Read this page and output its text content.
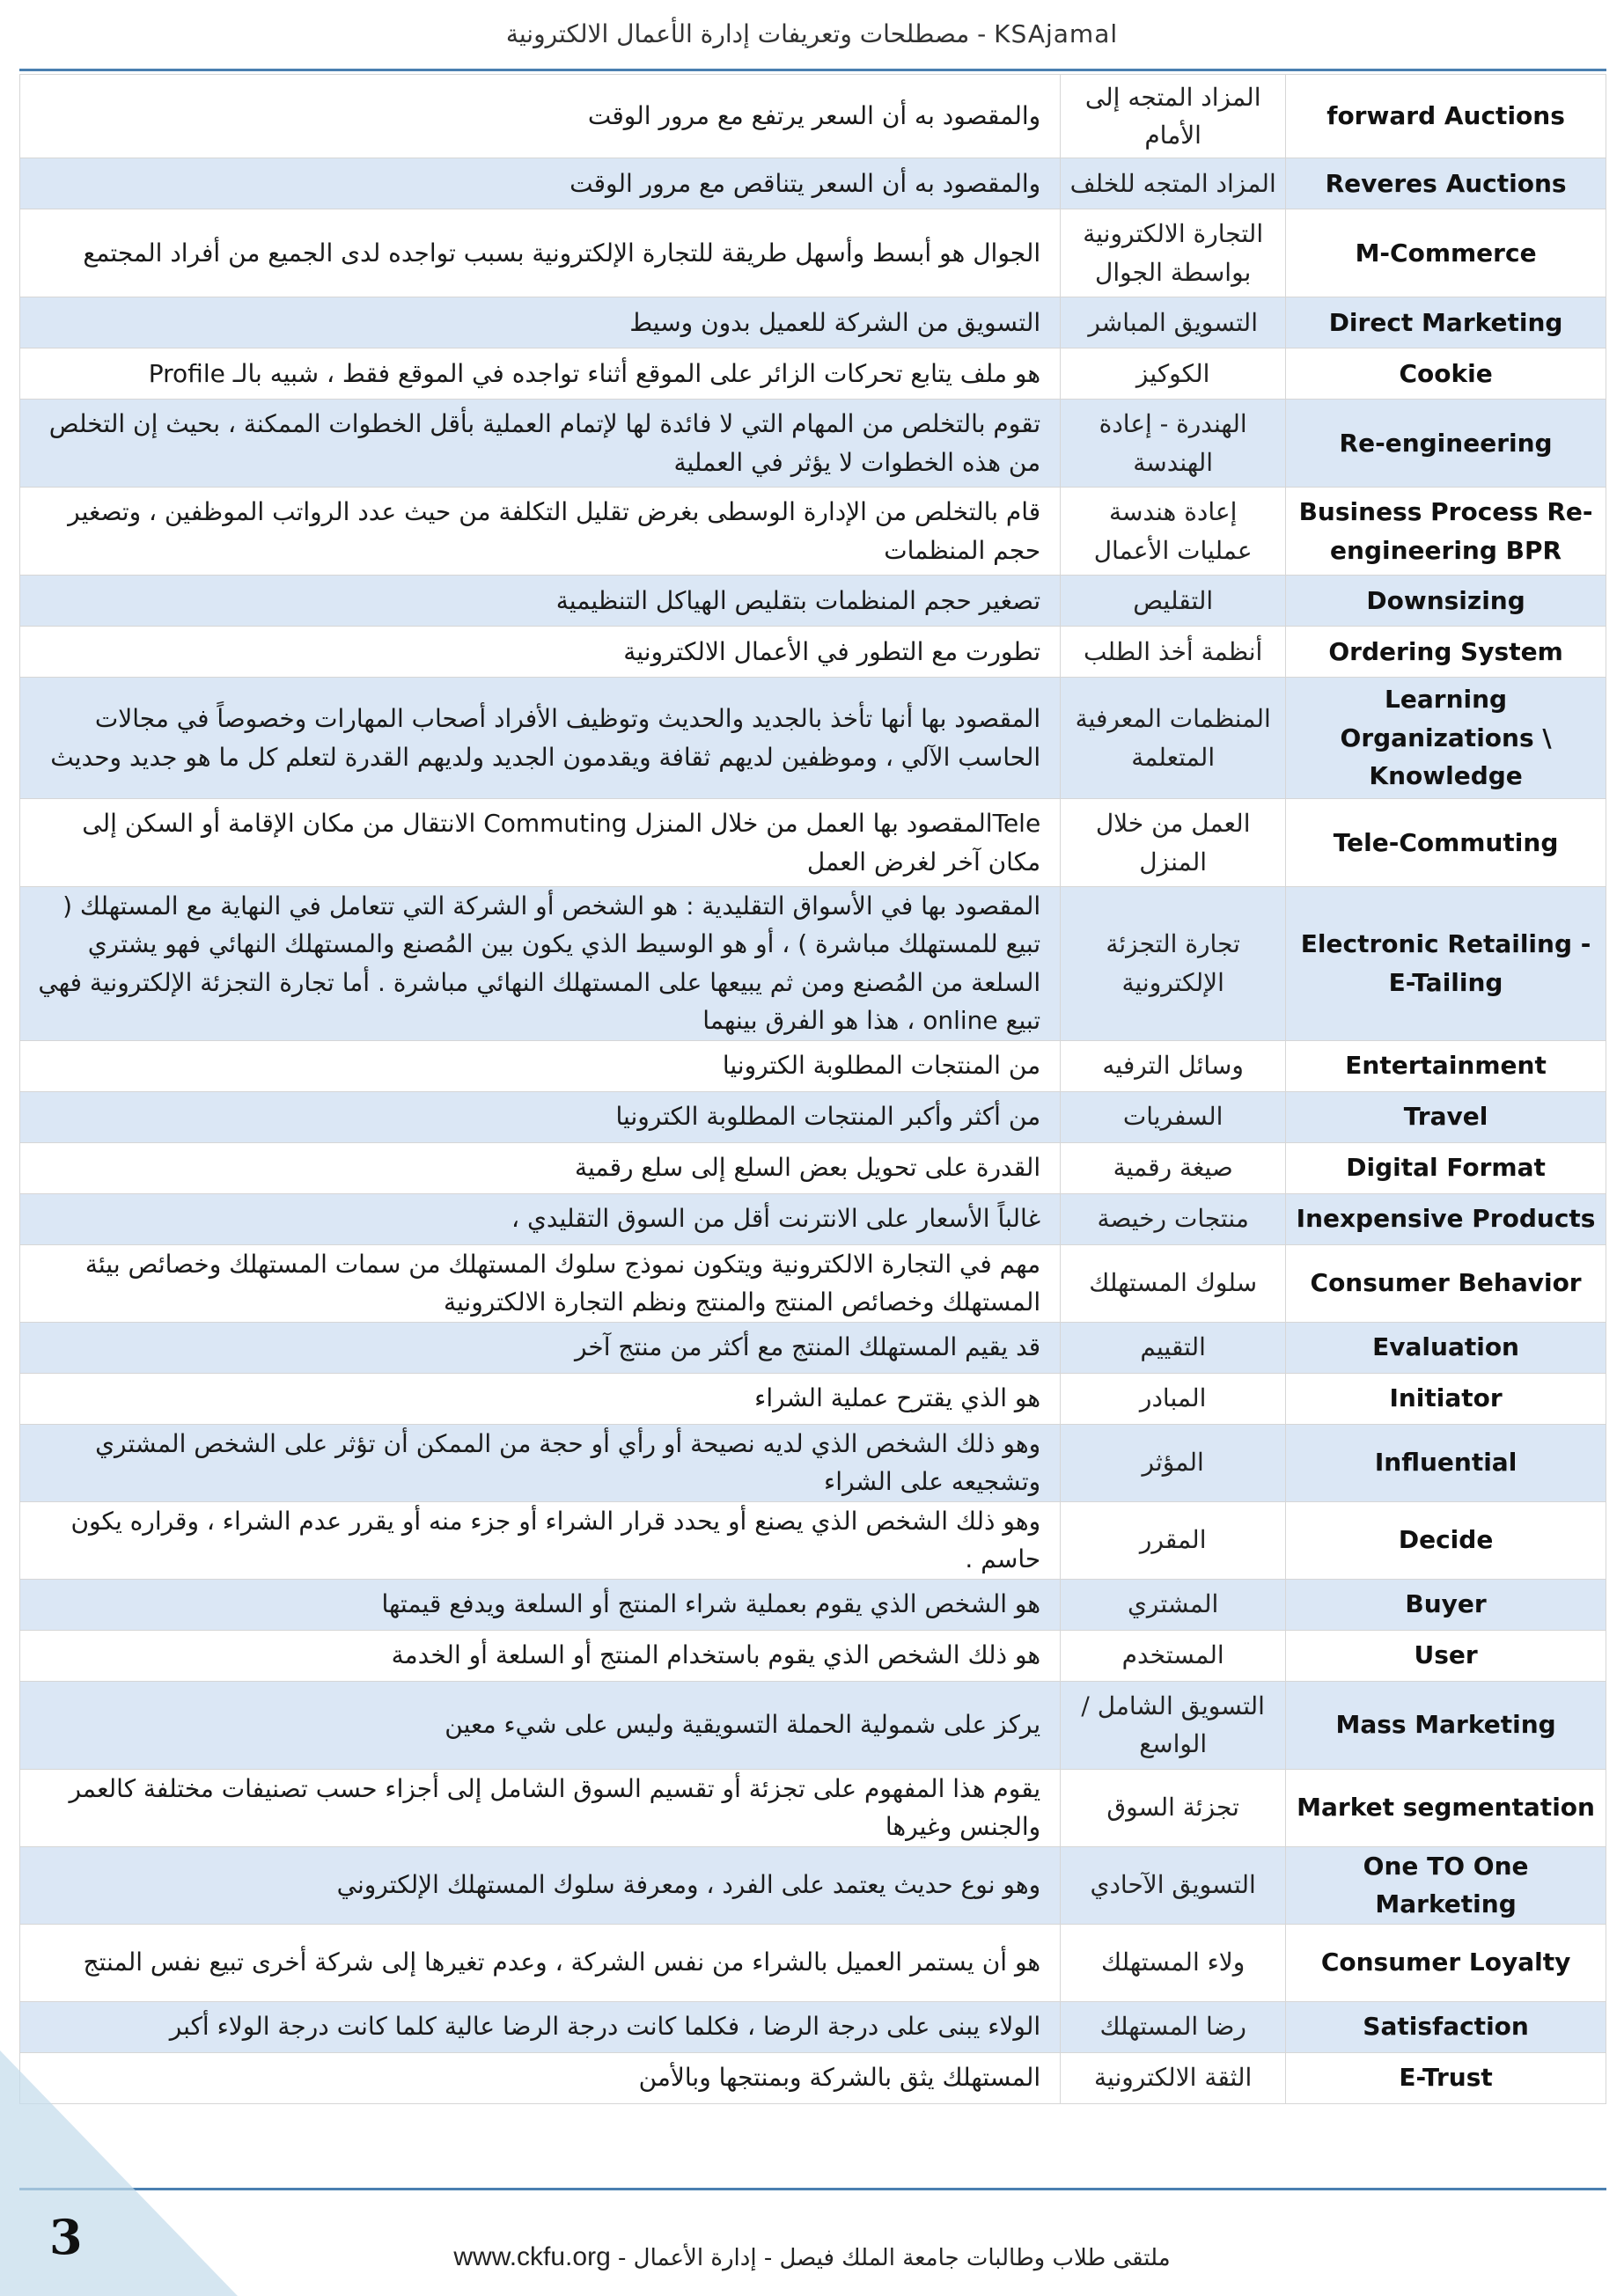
مصطلحات وتعريفات إدارة الأعمال الالكترونية - KSAjamal
والمقصود به أن السعر يرتفع مع مرور الوقت	المزاد المتجه إلى الأمام	forward Auctions
والمقصود به أن السعر يتناقص مع مرور الوقت	المزاد المتجه للخلف	Reveres Auctions
الجوال هو أبسط وأسهل طريقة للتجارة الإلكترونية بسبب تواجده لدى الجميع من أفراد المجتمع	التجارة الالكترونية بواسطة الجوال	M-Commerce
التسويق من الشركة للعميل بدون وسيط	التسويق المباشر	Direct Marketing
هو ملف يتابع تحركات الزائر على الموقع أثناء تواجده في الموقع فقط ، شبيه بالـ Profile	الكوكيز	Cookie
تقوم بالتخلص من المهام التي لا فائدة لها لإتمام العملية بأقل الخطوات الممكنة ، بحيث إن التخلص من هذه الخطوات لا يؤثر في العملية	الهندرة - إعادة الهندسة	Re-engineering
قام بالتخلص من الإدارة الوسطى بغرض تقليل التكلفة من حيث عدد الرواتب الموظفين ، وتصغير حجم المنظمات	إعادة هندسة عمليات الأعمال	Business Process Re-engineering BPR
تصغير حجم المنظمات بتقليص الهياكل التنظيمية	التقليص	Downsizing
تطورت مع التطور في الأعمال الالكترونية	أنظمة أخذ الطلب	Ordering System
المقصود بها أنها تأخذ بالجديد والحديث وتوظيف الأفراد أصحاب المهارات وخصوصاً في مجالات الحاسب الآلي ، وموظفين لديهم ثقافة ويقدمون الجديد ولديهم القدرة لتعلم كل ما هو جديد وحديث	المنظمات المعرفية المتعلمة	Learning Organizations \ Knowledge
Teleالمقصود بها العمل من خلال المنزل Commuting الانتقال من مكان الإقامة أو السكن إلى مكان آخر لغرض العمل	العمل من خلال المنزل	Tele-Commuting
المقصود بها في الأسواق التقليدية : هو الشخص أو الشركة التي تتعامل في النهاية مع المستهلك ( تبيع للمستهلك مباشرة ) ، أو هو الوسيط الذي يكون بين المُصنع والمستهلك النهائي فهو يشتري السلعة من المُصنع ومن ثم يبيعها على المستهلك النهائي مباشرة . أما تجارة التجزئة الإلكترونية فهي تبيع online ، هذا هو الفرق بينهما	تجارة التجزئة الإلكترونية	Electronic Retailing - E-Tailing
من المنتجات المطلوبة الكترونيا	وسائل الترفيه	Entertainment
من أكثر وأكبر المنتجات المطلوبة الكترونيا	السفريات	Travel
القدرة على تحويل بعض السلع إلى سلع رقمية	صيغة رقمية	Digital Format
غالباً الأسعار على الانترنت أقل من السوق التقليدي ،	منتجات رخيصة	Inexpensive Products
مهم في التجارة الالكترونية ويتكون نموذج سلوك المستهلك من سمات المستهلك وخصائص بيئة المستهلك وخصائص المنتج والمنتج ونظم التجارة الالكترونية	سلوك المستهلك	Consumer Behavior
قد يقيم المستهلك المنتج مع أكثر من منتج آخر	التقييم	Evaluation
هو الذي يقترح عملية الشراء	المبادر	Initiator
وهو ذلك الشخص الذي لديه نصيحة أو رأي أو حجة من الممكن أن تؤثر على الشخص المشتري وتشجيعه على الشراء	المؤثر	Influential
وهو ذلك الشخص الذي يصنع أو يحدد قرار الشراء أو جزء منه أو يقرر عدم الشراء ، وقراره يكون حاسم .	المقرر	Decide
هو الشخص الذي يقوم بعملية شراء المنتج أو السلعة ويدفع قيمتها	المشتري	Buyer
هو ذلك الشخص الذي يقوم باستخدام المنتج أو السلعة أو الخدمة	المستخدم	User
يركز على شمولية الحملة التسويقية وليس على شيء معين	التسويق الشامل / الواسع	Mass Marketing
يقوم هذا المفهوم على تجزئة أو تقسيم السوق الشامل إلى أجزاء حسب تصنيفات مختلفة كالعمر والجنس وغيرها	تجزئة السوق	Market segmentation
وهو نوع حديث يعتمد على الفرد ، ومعرفة سلوك المستهلك الإلكتروني	التسويق الآحادي	One TO One Marketing
هو أن يستمر العميل بالشراء من نفس الشركة ، وعدم تغيرها إلى شركة أخرى تبيع نفس المنتج	ولاء المستهلك	Consumer Loyalty
الولاء يبنى على درجة الرضا ، فكلما كانت درجة الرضا عالية كلما كانت درجة الولاء أكبر	رضا المستهلك	Satisfaction
المستهلك يثق بالشركة وبمنتجها وبالأمن	الثقة الالكترونية	E-Trust
3	www.ckfu.org - ملتقى طلاب وطالبات جامعة الملك فيصل - إدارة الأعمال
